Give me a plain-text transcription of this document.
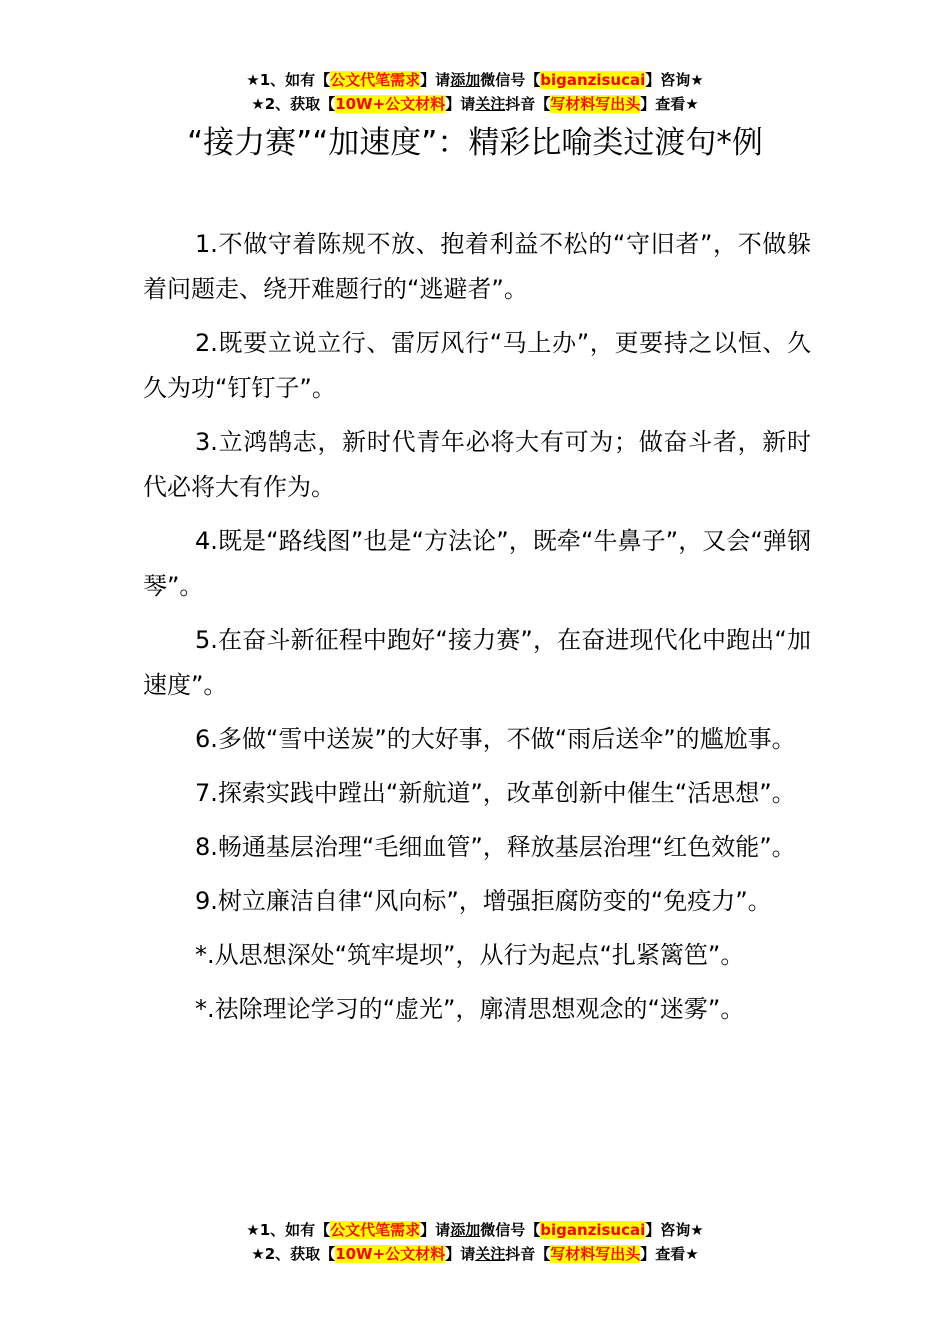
★1、如有【公文代笔需求】请添加微信号【biganzisucai】咨询★
★2、获取【10W+公文材料】请关注抖音【写材料写出头】查看★
“接力赛”“加速度”：精彩比喻类过渡句*例

1.不做守着陈规不放、抱着利益不松的“守旧者”，不做躲着问题走、绕开难题行的“逃避者”。

2.既要立说立行、雷厉风行“马上办”，更要持之以恒、久久为功“钉钉子”。

3.立鸿鹄志，新时代青年必将大有可为；做奋斗者，新时代必将大有作为。

4.既是“路线图”也是“方法论”，既牵“牛鼻子”，又会“弹钢琴”。

5.在奋斗新征程中跑好“接力赛”，在奋进现代化中跑出“加速度”。

6.多做“雪中送炭”的大好事，不做“雨后送伞”的尴尬事。

7.探索实践中蹚出“新航道”，改革创新中催生“活思想”。

8.畅通基层治理“毛细血管”，释放基层治理“红色效能”。

9.树立廉洁自律“风向标”，增强拒腐防变的“免疫力”。

*.从思想深处“筑牢堤坝”，从行为起点“扎紧篱笆”。

*.祛除理论学习的“虚光”，廓清思想观念的“迷雾”。

★1、如有【公文代笔需求】请添加微信号【biganzisucai】咨询★
★2、获取【10W+公文材料】请关注抖音【写材料写出头】查看★
